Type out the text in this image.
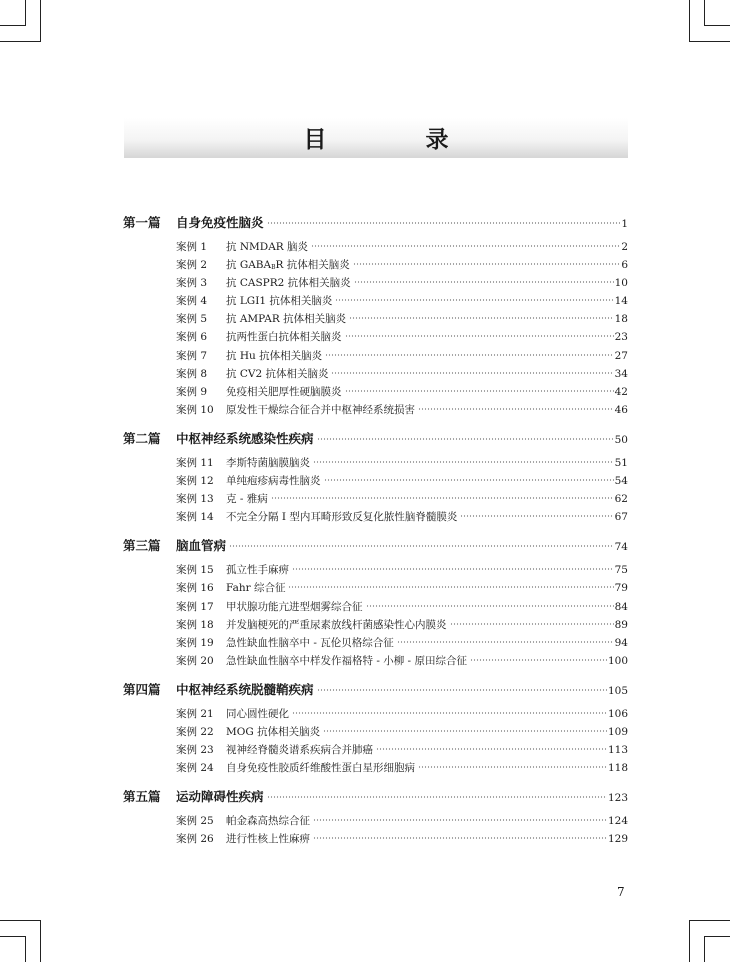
目　录
第一篇	自身免疫性脑炎	1
案例 1	抗 NMDAR 脑炎	2
案例 2	抗 $GABA_BR$ 抗体相关脑炎	6
案例 3	抗 CASPR2 抗体相关脑炎	10
案例 4	抗 LGI1 抗体相关脑炎	14
案例 5	抗 AMPAR 抗体相关脑炎	18
案例 6	抗两性蛋白抗体相关脑炎	23
案例 7	抗 Hu 抗体相关脑炎	27
案例 8	抗 CV2 抗体相关脑炎	34
案例 9	免疫相关肥厚性硬脑膜炎	42
案例 10	原发性干燥综合征合并中枢神经系统损害	46
第二篇	中枢神经系统感染性疾病	50
案例 11	李斯特菌脑膜脑炎	51
案例 12	单纯疱疹病毒性脑炎	54
案例 13	克 - 雅病	62
案例 14	不完全分隔 I 型内耳畸形致反复化脓性脑脊髓膜炎	67
第三篇	脑血管病	74
案例 15	孤立性手麻痹	75
案例 16	Fahr 综合征	79
案例 17	甲状腺功能亢进型烟雾综合征	84
案例 18	并发脑梗死的严重尿素放线杆菌感染性心内膜炎	89
案例 19	急性缺血性脑卒中 - 瓦伦贝格综合征	94
案例 20	急性缺血性脑卒中样发作福格特 - 小柳 - 原田综合征	100
第四篇	中枢神经系统脱髓鞘疾病	105
案例 21	同心圆性硬化	106
案例 22	MOG 抗体相关脑炎	109
案例 23	视神经脊髓炎谱系疾病合并肺癌	113
案例 24	自身免疫性胶质纤维酸性蛋白星形细胞病	118
第五篇	运动障碍性疾病	123
案例 25	帕金森高热综合征	124
案例 26	进行性核上性麻痹	129
7
